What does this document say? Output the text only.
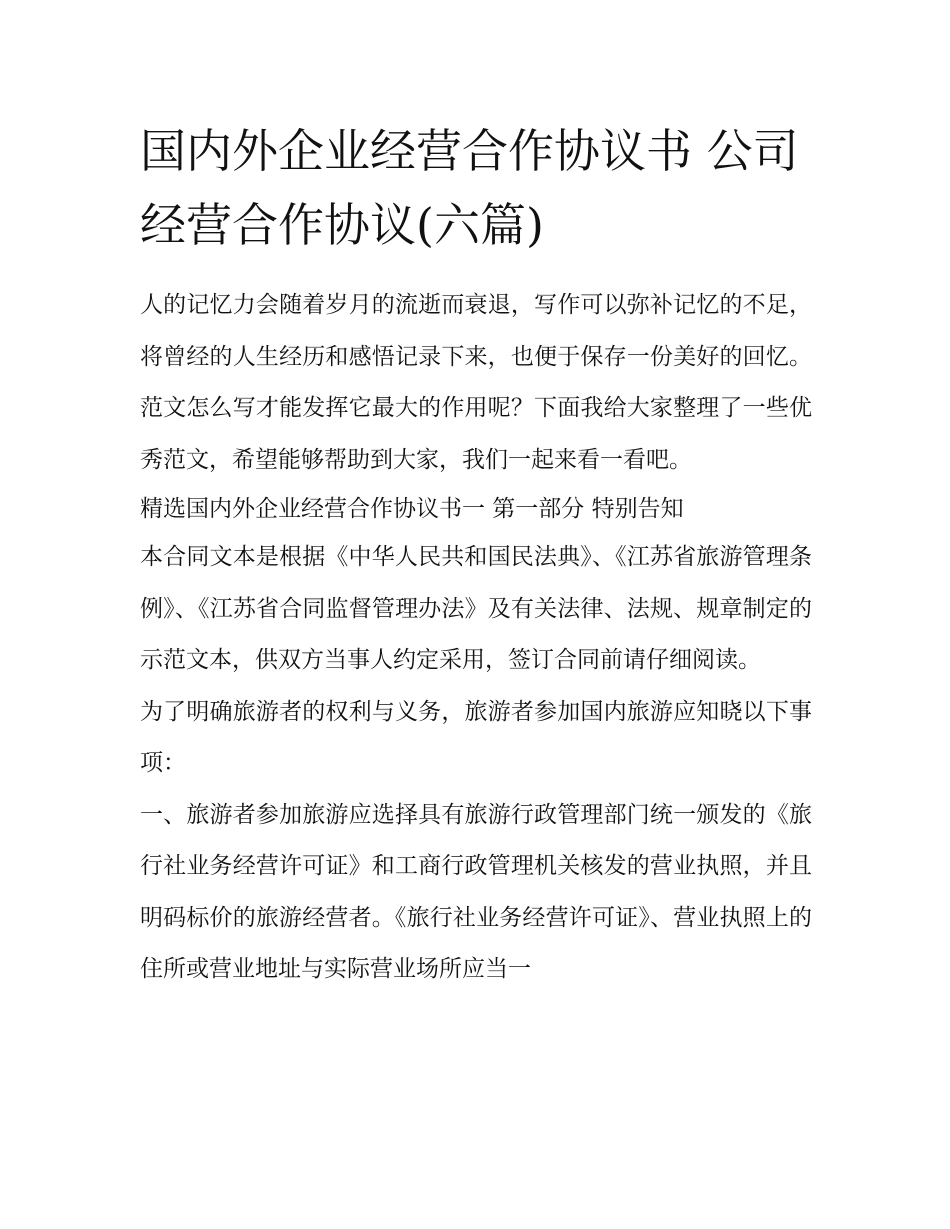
国内外企业经营合作协议书 公司经营合作协议(六篇)

人的记忆力会随着岁月的流逝而衰退，写作可以弥补记忆的不足，将曾经的人生经历和感悟记录下来，也便于保存一份美好的回忆。范文怎么写才能发挥它最大的作用呢？下面我给大家整理了一些优秀范文，希望能够帮助到大家，我们一起来看一看吧。

精选国内外企业经营合作协议书一 第一部分 特别告知

本合同文本是根据《中华人民共和国民法典》、《江苏省旅游管理条例》、《江苏省合同监督管理办法》及有关法律、法规、规章制定的示范文本，供双方当事人约定采用，签订合同前请仔细阅读。

为了明确旅游者的权利与义务，旅游者参加国内旅游应知晓以下事项：

一、旅游者参加旅游应选择具有旅游行政管理部门统一颁发的《旅行社业务经营许可证》和工商行政管理机关核发的营业执照，并且明码标价的旅游经营者。《旅行社业务经营许可证》、营业执照上的住所或营业地址与实际营业场所应当一
